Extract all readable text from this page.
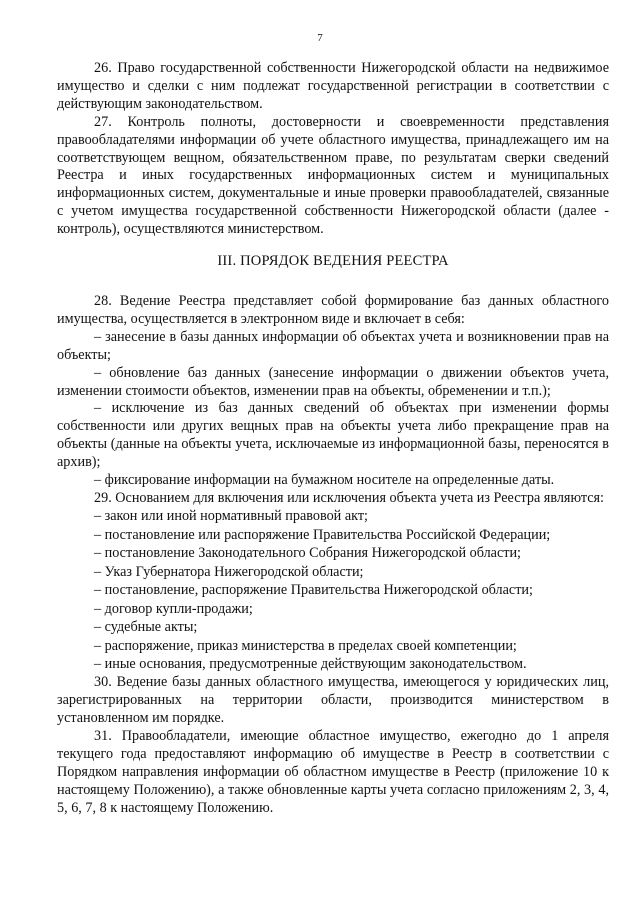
7

26. Право государственной собственности Нижегородской области на недвижимое имущество и сделки с ним подлежат государственной регистрации в соответствии с действующим законодательством.

27. Контроль полноты, достоверности и своевременности представления правообладателями информации об учете областного имущества, принадлежащего им на соответствующем вещном, обязательственном праве, по результатам сверки сведений Реестра и иных государственных информационных систем и муниципальных информационных систем, документальные и иные проверки правообладателей, связанные с учетом имущества государственной собственности Нижегородской области (далее - контроль), осуществляются министерством.

III. ПОРЯДОК ВЕДЕНИЯ РЕЕСТРА

28. Ведение Реестра представляет собой формирование баз данных областного имущества, осуществляется в электронном виде и включает в себя:

– занесение в базы данных информации об объектах учета и возникновении прав на объекты;

– обновление баз данных (занесение информации о движении объектов учета, изменении стоимости объектов, изменении прав на объекты, обременении и т.п.);

– исключение из баз данных сведений об объектах при изменении формы собственности или других вещных прав на объекты учета либо прекращение прав на объекты (данные на объекты учета, исключаемые из информационной базы, переносятся в архив);

– фиксирование информации на бумажном носителе на определенные даты.

29. Основанием для включения или исключения объекта учета из Реестра являются:

– закон или иной нормативный правовой акт;

– постановление или распоряжение Правительства Российской Федерации;

– постановление Законодательного Собрания Нижегородской области;

– Указ Губернатора Нижегородской области;

– постановление, распоряжение Правительства Нижегородской области;

– договор купли-продажи;

– судебные акты;

– распоряжение, приказ министерства в пределах своей компетенции;

– иные основания, предусмотренные действующим законодательством.

30. Ведение базы данных областного имущества, имеющегося у юридических лиц, зарегистрированных на территории области, производится министерством в установленном им порядке.

31. Правообладатели, имеющие областное имущество, ежегодно до 1 апреля текущего года предоставляют информацию об имуществе в Реестр в соответствии с Порядком направления информации об областном имуществе в Реестр (приложение 10 к настоящему Положению), а также обновленные карты учета согласно приложениям 2, 3, 4, 5, 6, 7, 8 к настоящему Положению.
